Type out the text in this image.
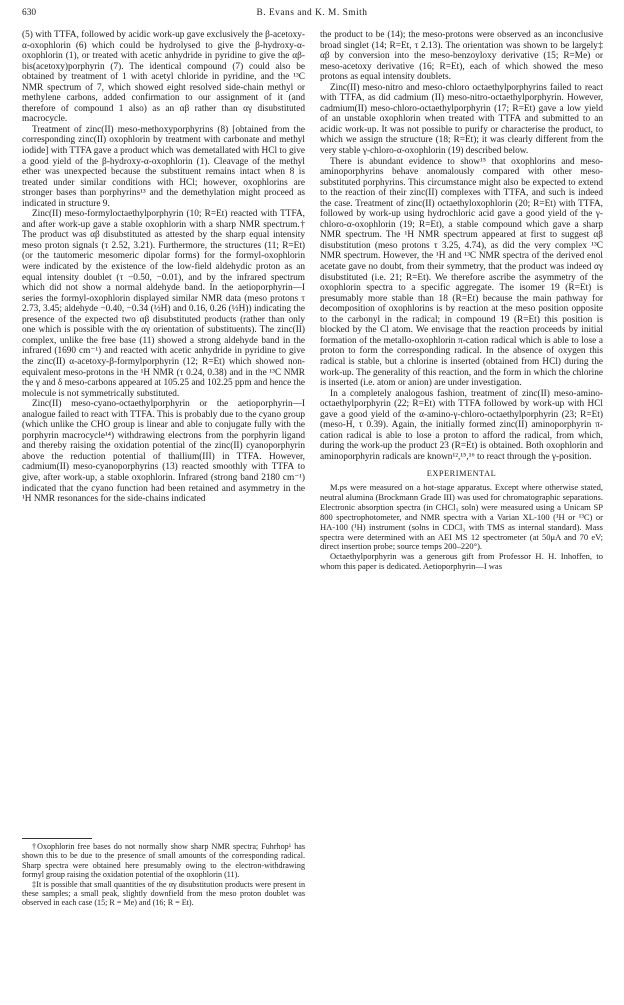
630	B. Evans and K. M. Smith

(5) with TTFA, followed by acidic work-up gave exclusively the β-acetoxy-α-oxophlorin (6) which could be hydrolysed to give the β-hydroxy-α-oxophlorin (1), or treated with acetic anhydride in pyridine to give the αβ-bis(acetoxy)porphyrin (7). The identical compound (7) could also be obtained by treatment of 1 with acetyl chloride in pyridine, and the ¹³C NMR spectrum of 7, which showed eight resolved side-chain methyl or methylene carbons, added confirmation to our assignment of it (and therefore of compound 1 also) as an αβ rather than αγ disubstituted macrocycle.

Treatment of zinc(II) meso-methoxyporphyrins (8) [obtained from the corresponding zinc(II) oxophlorin by treatment with carbonate and methyl iodide] with TTFA gave a product which was demetallated with HCl to give a good yield of the β-hydroxy-α-oxophlorin (1). Cleavage of the methyl ether was unexpected because the substituent remains intact when 8 is treated under similar conditions with HCl; however, oxophlorins are stronger bases than porphyrins¹³ and the demethylation might proceed as indicated in structure 9.

Zinc(II) meso-formyloctaethylporphyrin (10; R=Et) reacted with TTFA, and after work-up gave a stable oxophlorin with a sharp NMR spectrum.† The product was αβ disubstituted as attested by the sharp equal intensity meso proton signals (τ 2.52, 3.21). Furthermore, the structures (11; R=Et) (or the tautomeric mesomeric dipolar forms) for the formyl-oxophlorin were indicated by the existence of the low-field aldehydic proton as an equal intensity doublet (τ −0.50, −0.01), and by the infrared spectrum which did not show a normal aldehyde band. In the aetioporphyrin—I series the formyl-oxophlorin displayed similar NMR data (meso protons τ 2.73, 3.45; aldehyde −0.40, −0.34 (½H) and 0.16, 0.26 (½H)) indicating the presence of the expected two αβ disubstituted products (rather than only one which is possible with the αγ orientation of substituents). The zinc(II) complex, unlike the free base (11) showed a strong aldehyde band in the infrared (1690 cm⁻¹) and reacted with acetic anhydride in pyridine to give the zinc(II) α-acetoxy-β-formylporphyrin (12; R=Et) which showed non-equivalent meso-protons in the ¹H NMR (τ 0.24, 0.38) and in the ¹³C NMR the γ and δ meso-carbons appeared at 105.25 and 102.25 ppm and hence the molecule is not symmetrically substituted.

Zinc(II) meso-cyano-octaethylporphyrin or the aetioporphyrin—I analogue failed to react with TTFA. This is probably due to the cyano group (which unlike the CHO group is linear and able to conjugate fully with the porphyrin macrocycle¹⁴) withdrawing electrons from the porphyrin ligand and thereby raising the oxidation potential of the zinc(II) cyanoporphyrin above the reduction potential of thallium(III) in TTFA. However, cadmium(II) meso-cyanoporphyrins (13) reacted smoothly with TTFA to give, after work-up, a stable oxophlorin. Infrared (strong band 2180 cm⁻¹) indicated that the cyano function had been retained and asymmetry in the ¹H NMR resonances for the side-chains indicated

†Oxophlorin free bases do not normally show sharp NMR spectra; Fuhrhop¹ has shown this to be due to the presence of small amounts of the corresponding radical. Sharp spectra were obtained here presumably owing to the electron-withdrawing formyl group raising the oxidation potential of the oxophlorin (11).

‡It is possible that small quantities of the αγ disubstitution products were present in these samples; a small peak, slightly downfield from the meso proton doublet was observed in each case (15; R = Me) and (16; R = Et).

the product to be (14); the meso-protons were observed as an inconclusive broad singlet (14; R=Et, τ 2.13). The orientation was shown to be largely‡ αβ by conversion into the meso-benzoyloxy derivative (15; R=Me) or meso-acetoxy derivative (16; R=Et), each of which showed the meso protons as equal intensity doublets.

Zinc(II) meso-nitro and meso-chloro octaethylporphyrins failed to react with TTFA, as did cadmium (II) meso-nitro-octaethylporphyrin. However, cadmium(II) meso-chloro-octaethylporphyrin (17; R=Et) gave a low yield of an unstable oxophlorin when treated with TTFA and submitted to an acidic work-up. It was not possible to purify or characterise the product, to which we assign the structure (18; R=Et); it was clearly different from the very stable γ-chloro-α-oxophlorin (19) described below.

There is abundant evidence to show¹⁵ that oxophlorins and meso-aminoporphyrins behave anomalously compared with other meso-substituted porphyrins. This circumstance might also be expected to extend to the reaction of their zinc(II) complexes with TTFA, and such is indeed the case. Treatment of zinc(II) octaethyloxophlorin (20; R=Et) with TTFA, followed by work-up using hydrochloric acid gave a good yield of the γ-chloro-α-oxophlorin (19; R=Et), a stable compound which gave a sharp NMR spectrum. The ¹H NMR spectrum appeared at first to suggest αβ disubstitution (meso protons τ 3.25, 4.74), as did the very complex ¹³C NMR spectrum. However, the ¹H and ¹³C NMR spectra of the derived enol acetate gave no doubt, from their symmetry, that the product was indeed αγ disubstituted (i.e. 21; R=Et). We therefore ascribe the asymmetry of the oxophlorin spectra to a specific aggregate. The isomer 19 (R=Et) is presumably more stable than 18 (R=Et) because the main pathway for decomposition of oxophlorins is by reaction at the meso position opposite to the carbonyl in the radical; in compound 19 (R=Et) this position is blocked by the Cl atom. We envisage that the reaction proceeds by initial formation of the metallo-oxophlorin π-cation radical which is able to lose a proton to form the corresponding radical. In the absence of oxygen this radical is stable, but a chlorine is inserted (obtained from HCl) during the work-up. The generality of this reaction, and the form in which the chlorine is inserted (i.e. atom or anion) are under investigation.

In a completely analogous fashion, treatment of zinc(II) meso-amino-octaethylporphyrin (22; R=Et) with TTFA followed by work-up with HCl gave a good yield of the α-amino-γ-chloro-octaethylporphyrin (23; R=Et) (meso-H, τ 0.39). Again, the initially formed zinc(II) aminoporphyrin π-cation radical is able to lose a proton to afford the radical, from which, during the work-up the product 23 (R=Et) is obtained. Both oxophlorin and aminoporphyrin radicals are known¹²,¹⁵,¹⁶ to react through the γ-position.

EXPERIMENTAL

M.ps were measured on a hot-stage apparatus. Except where otherwise stated, neutral alumina (Brockmann Grade III) was used for chromatographic separations. Electronic absorption spectra (in CHCl₃ soln) were measured using a Unicam SP 800 spectrophotometer, and NMR spectra with a Varian XL-100 (¹H or ¹³C) or HA-100 (¹H) instrument (solns in CDCl₃ with TMS as internal standard). Mass spectra were determined with an AEI MS 12 spectrometer (at 50μA and 70 eV; direct insertion probe; source temps 200–220°).

Octaethylporphyrin was a generous gift from Professor H. H. Inhoffen, to whom this paper is dedicated. Aetioporphyrin—I was
